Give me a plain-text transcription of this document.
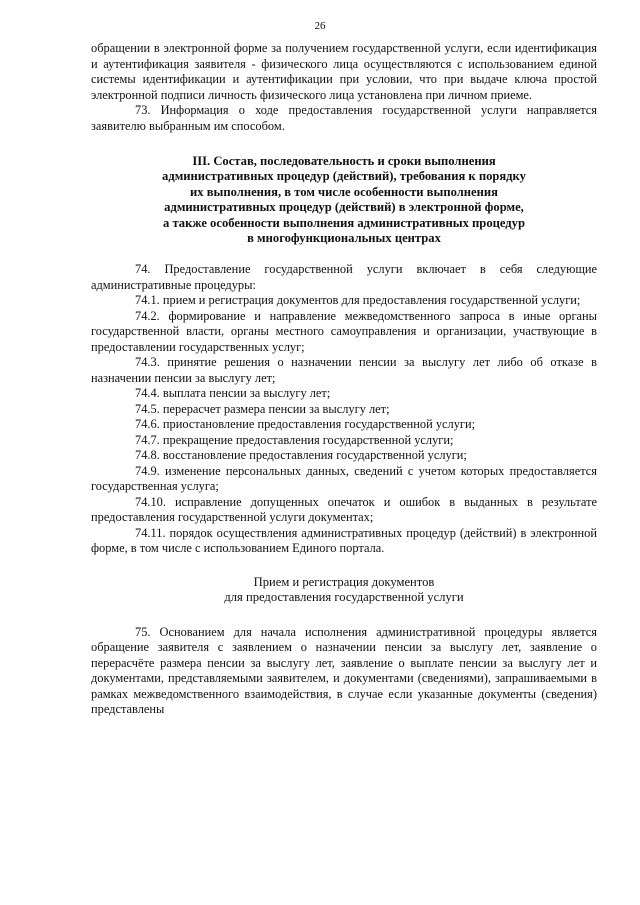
26

обращении в электронной форме за получением государственной услуги, если идентификация и аутентификация заявителя - физического лица осуществляются с использованием единой системы идентификации и аутентификации при условии, что при выдаче ключа простой электронной подписи личность физического лица установлена при личном приеме.

73. Информация о ходе предоставления государственной услуги направляется заявителю выбранным им способом.

III. Состав, последовательность и сроки выполнения
административных процедур (действий), требования к порядку
их выполнения, в том числе особенности выполнения
административных процедур (действий) в электронной форме,
а также особенности выполнения административных процедур
в многофункциональных центрах

74. Предоставление государственной услуги включает в себя следующие административные процедуры:

74.1. прием и регистрация документов для предоставления государственной услуги;

74.2. формирование и направление межведомственного запроса в иные органы государственной власти, органы местного самоуправления и организации, участвующие в предоставлении государственных услуг;

74.3. принятие решения о назначении пенсии за выслугу лет либо об отказе в назначении пенсии за выслугу лет;

74.4. выплата пенсии за выслугу лет;

74.5. перерасчет размера пенсии за выслугу лет;

74.6. приостановление предоставления государственной услуги;

74.7. прекращение предоставления государственной услуги;

74.8. восстановление предоставления государственной услуги;

74.9. изменение персональных данных, сведений с учетом которых предоставляется государственная услуга;

74.10. исправление допущенных опечаток и ошибок в выданных в результате предоставления государственной услуги документах;

74.11. порядок осуществления административных процедур (действий) в электронной форме, в том числе с использованием Единого портала.

Прием и регистрация документов
для предоставления государственной услуги

75. Основанием для начала исполнения административной процедуры является обращение заявителя с заявлением о назначении пенсии за выслугу лет, заявление о перерасчёте размера пенсии за выслугу лет, заявление о выплате пенсии за выслугу лет и документами, представляемыми заявителем, и документами (сведениями), запрашиваемыми в рамках межведомственного взаимодействия, в случае если указанные документы (сведения) представлены
